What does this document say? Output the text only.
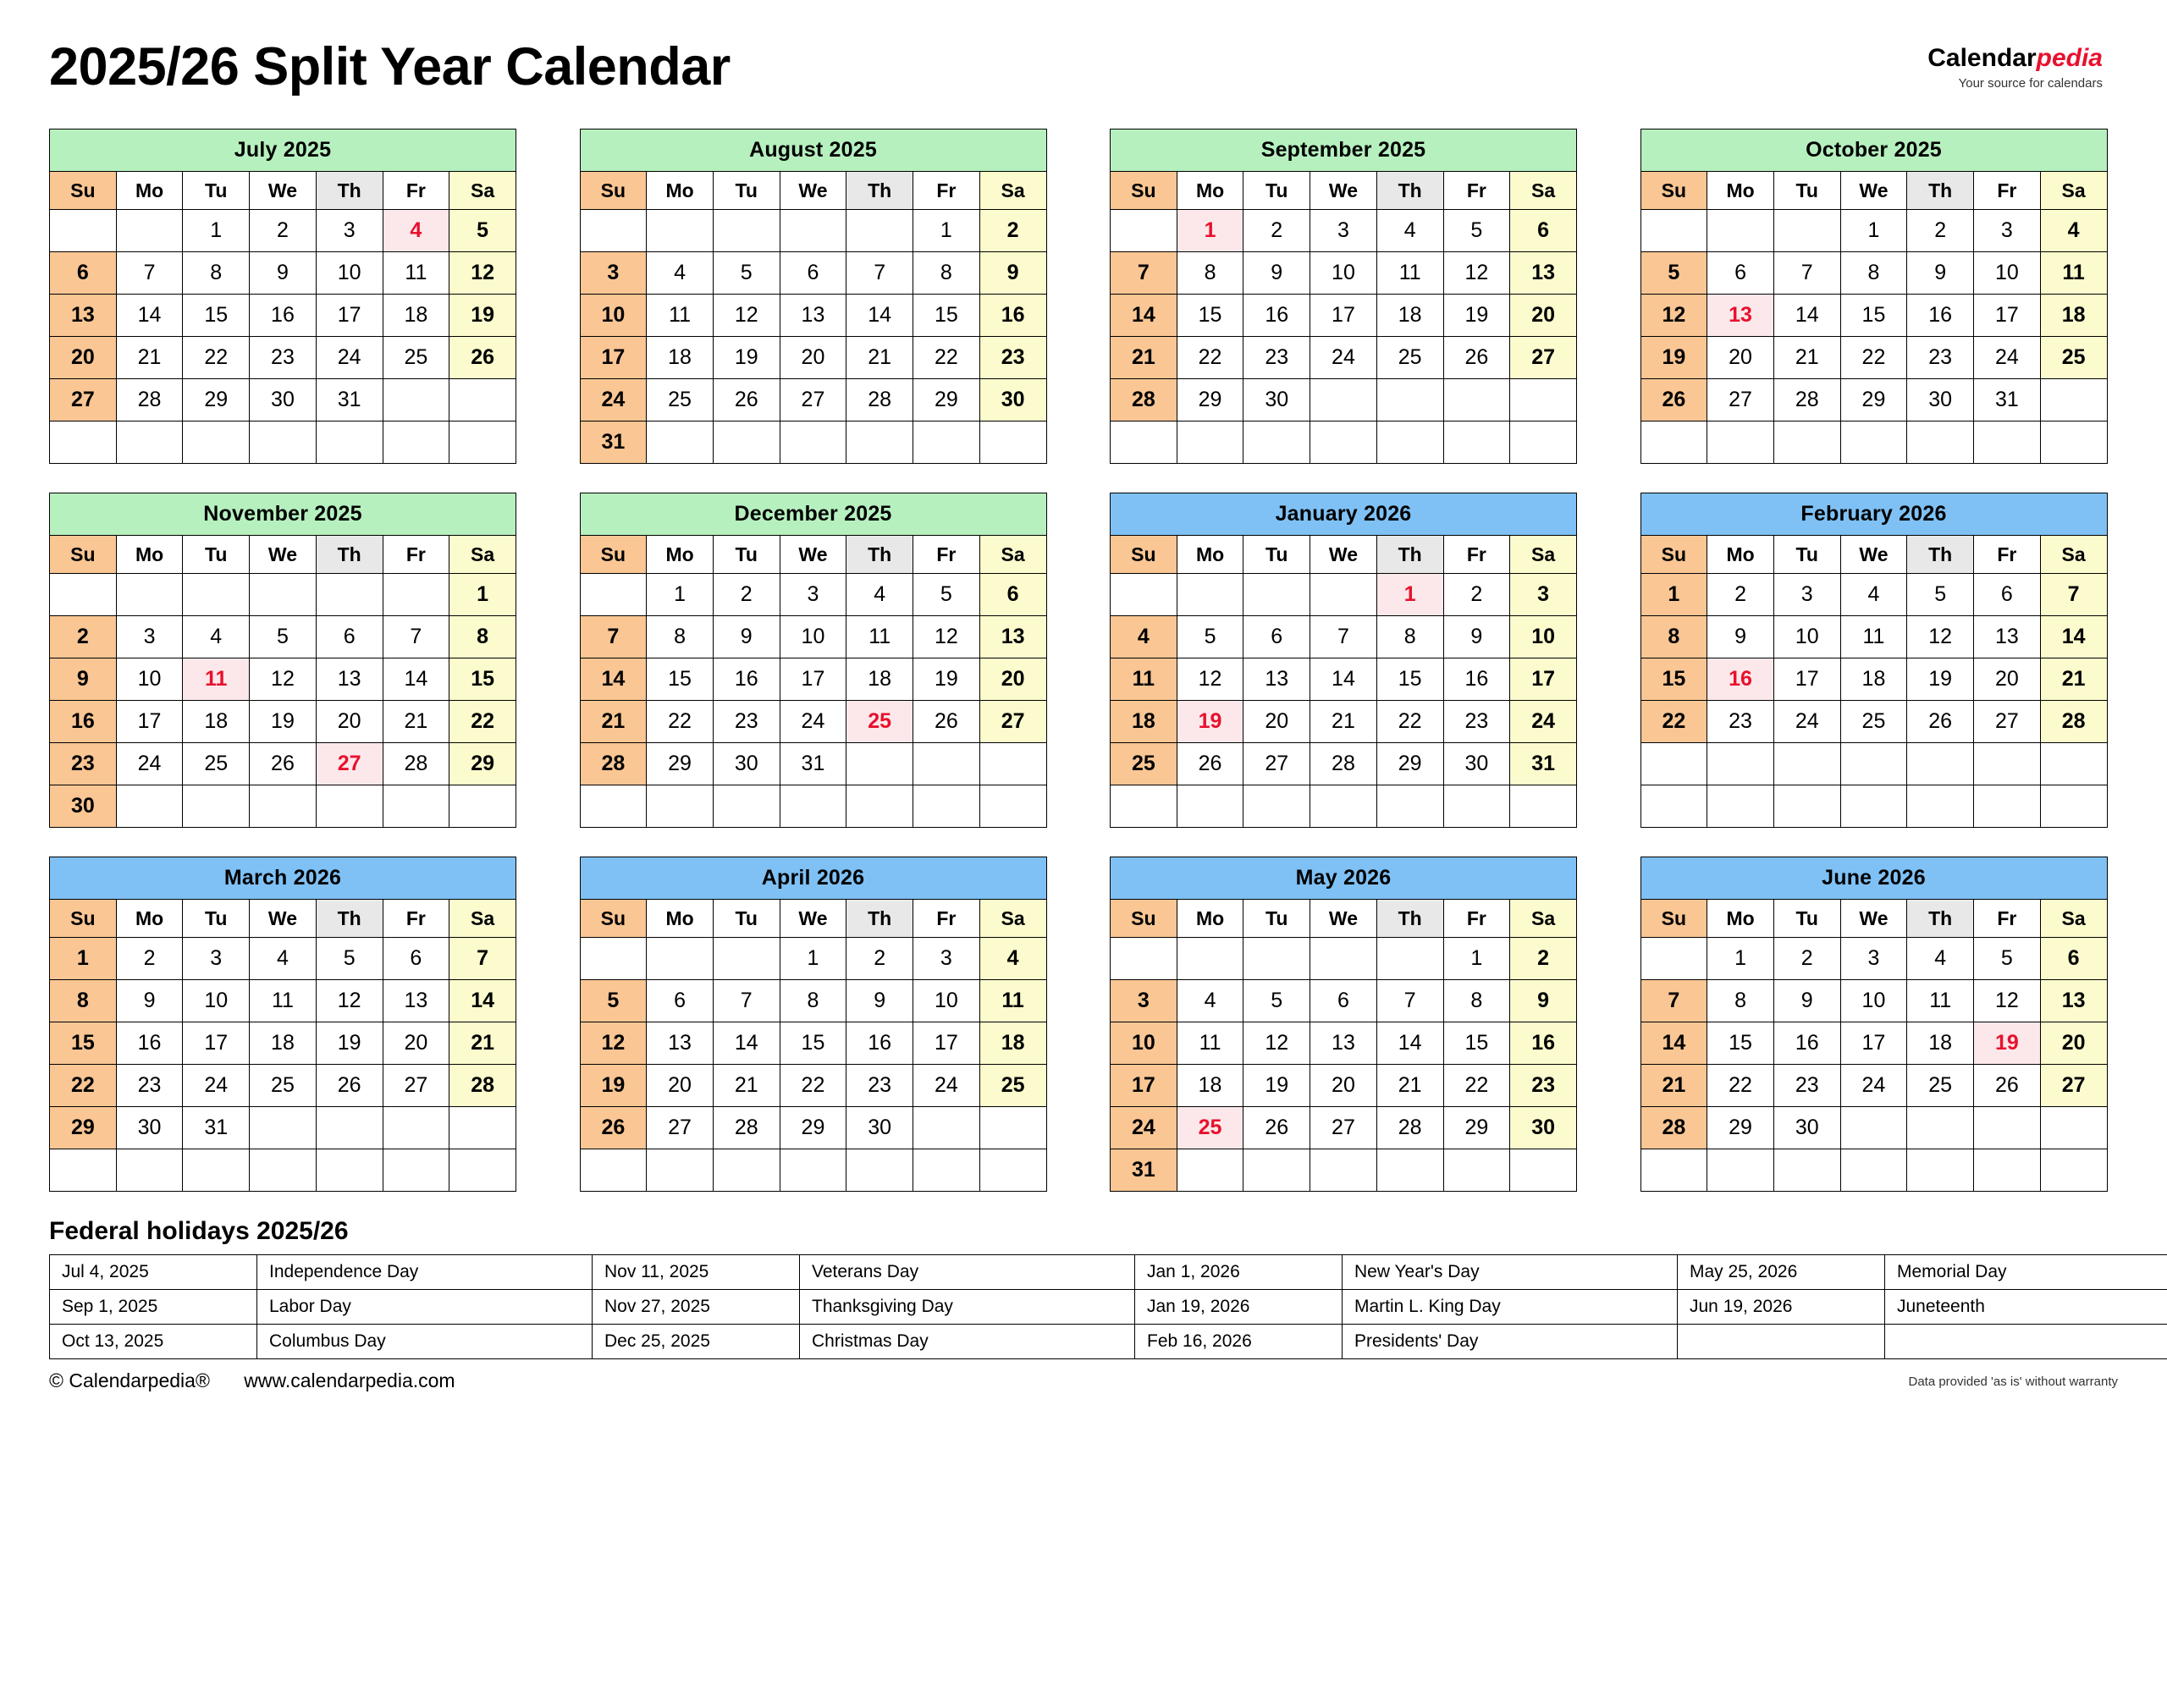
2025/26 Split Year Calendar	Calendarpedia
Your source for calendars
July 2025						
Su	Mo	Tu	We	Th	Fr	Sa
		1	2	3	4	5
6	7	8	9	10	11	12
13	14	15	16	17	18	19
20	21	22	23	24	25	26
27	28	29	30	31		

August 2025						
Su	Mo	Tu	We	Th	Fr	Sa
					1	2
3	4	5	6	7	8	9
10	11	12	13	14	15	16
17	18	19	20	21	22	23
24	25	26	27	28	29	30
31						
September 2025						
Su	Mo	Tu	We	Th	Fr	Sa
	1	2	3	4	5	6
7	8	9	10	11	12	13
14	15	16	17	18	19	20
21	22	23	24	25	26	27
28	29	30				

October 2025						
Su	Mo	Tu	We	Th	Fr	Sa
			1	2	3	4
5	6	7	8	9	10	11
12	13	14	15	16	17	18
19	20	21	22	23	24	25
26	27	28	29	30	31	

November 2025						
Su	Mo	Tu	We	Th	Fr	Sa
						1
2	3	4	5	6	7	8
9	10	11	12	13	14	15
16	17	18	19	20	21	22
23	24	25	26	27	28	29
30						
December 2025						
Su	Mo	Tu	We	Th	Fr	Sa
	1	2	3	4	5	6
7	8	9	10	11	12	13
14	15	16	17	18	19	20
21	22	23	24	25	26	27
28	29	30	31			

January 2026						
Su	Mo	Tu	We	Th	Fr	Sa
				1	2	3
4	5	6	7	8	9	10
11	12	13	14	15	16	17
18	19	20	21	22	23	24
25	26	27	28	29	30	31

February 2026						
Su	Mo	Tu	We	Th	Fr	Sa
1	2	3	4	5	6	7
8	9	10	11	12	13	14
15	16	17	18	19	20	21
22	23	24	25	26	27	28

March 2026						
Su	Mo	Tu	We	Th	Fr	Sa
1	2	3	4	5	6	7
8	9	10	11	12	13	14
15	16	17	18	19	20	21
22	23	24	25	26	27	28
29	30	31				

April 2026						
Su	Mo	Tu	We	Th	Fr	Sa
			1	2	3	4
5	6	7	8	9	10	11
12	13	14	15	16	17	18
19	20	21	22	23	24	25
26	27	28	29	30		

May 2026						
Su	Mo	Tu	We	Th	Fr	Sa
					1	2
3	4	5	6	7	8	9
10	11	12	13	14	15	16
17	18	19	20	21	22	23
24	25	26	27	28	29	30
31						
June 2026						
Su	Mo	Tu	We	Th	Fr	Sa
	1	2	3	4	5	6
7	8	9	10	11	12	13
14	15	16	17	18	19	20
21	22	23	24	25	26	27
28	29	30				

Federal holidays 2025/26
Jul 4, 2025	Independence Day	Nov 11, 2025	Veterans Day	Jan 1, 2026	New Year's Day	May 25, 2026	Memorial Day
Sep 1, 2025	Labor Day	Nov 27, 2025	Thanksgiving Day	Jan 19, 2026	Martin L. King Day	Jun 19, 2026	Juneteenth
Oct 13, 2025	Columbus Day	Dec 25, 2025	Christmas Day	Feb 16, 2026	Presidents' Day		
© Calendarpedia® www.calendarpedia.com	Data provided 'as is' without warranty
